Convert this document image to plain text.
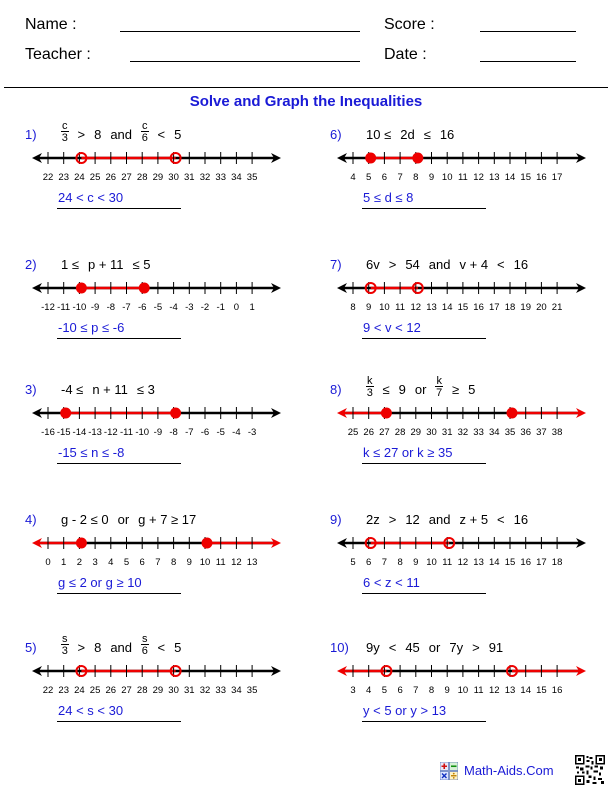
Name :
Teacher :
Score :
Date :
Solve and Graph the Inequalities
$1) \frac{c}{3} > 8$ and $\frac{c}{6} < 5$
22 23 24 25 26 27 28 29 30 31 32 33 34 35
24 < c < 30
2) 1 ≤ p + 11 ≤ 5
-12 -11 -10 -9 -8 -7 -6 -5 -4 -3 -2 -1 0 1
-10 ≤ p ≤ -6
3) -4 ≤ n + 11 ≤ 3
-16 -15 -14 -13 -12 -11 -10 -9 -8 -7 -6 -5 -4 -3
-15 ≤ n ≤ -8
4) g - 2 ≤ 0 or g + 7 ≥ 17
0 1 2 3 4 5 6 7 8 9 10 11 12 13
g ≤ 2 or g ≥ 10
$5) \frac{s}{3} > 8$ and $\frac{s}{6} < 5$
22 23 24 25 26 27 28 29 30 31 32 33 34 35
24 < s < 30
6) 10 ≤ 2d ≤ 16
4 5 6 7 8 9 10 11 12 13 14 15 16 17
5 ≤ d ≤ 8
7) 6v > 54 and v + 4 < 16
8 9 10 11 12 13 14 15 16 17 18 19 20 21
9 < v < 12
$8) \frac{k}{3} \le 9$ or $\frac{k}{7} \ge 5$
25 26 27 28 29 30 31 32 33 34 35 36 37 38
k ≤ 27 or k ≥ 35
9) 2z > 12 and z + 5 < 16
5 6 7 8 9 10 11 12 13 14 15 16 17 18
6 < z < 11
10) 9y < 45 or 7y > 91
3 4 5 6 7 8 9 10 11 12 13 14 15 16
y < 5 or y > 13
Math-Aids.Com
